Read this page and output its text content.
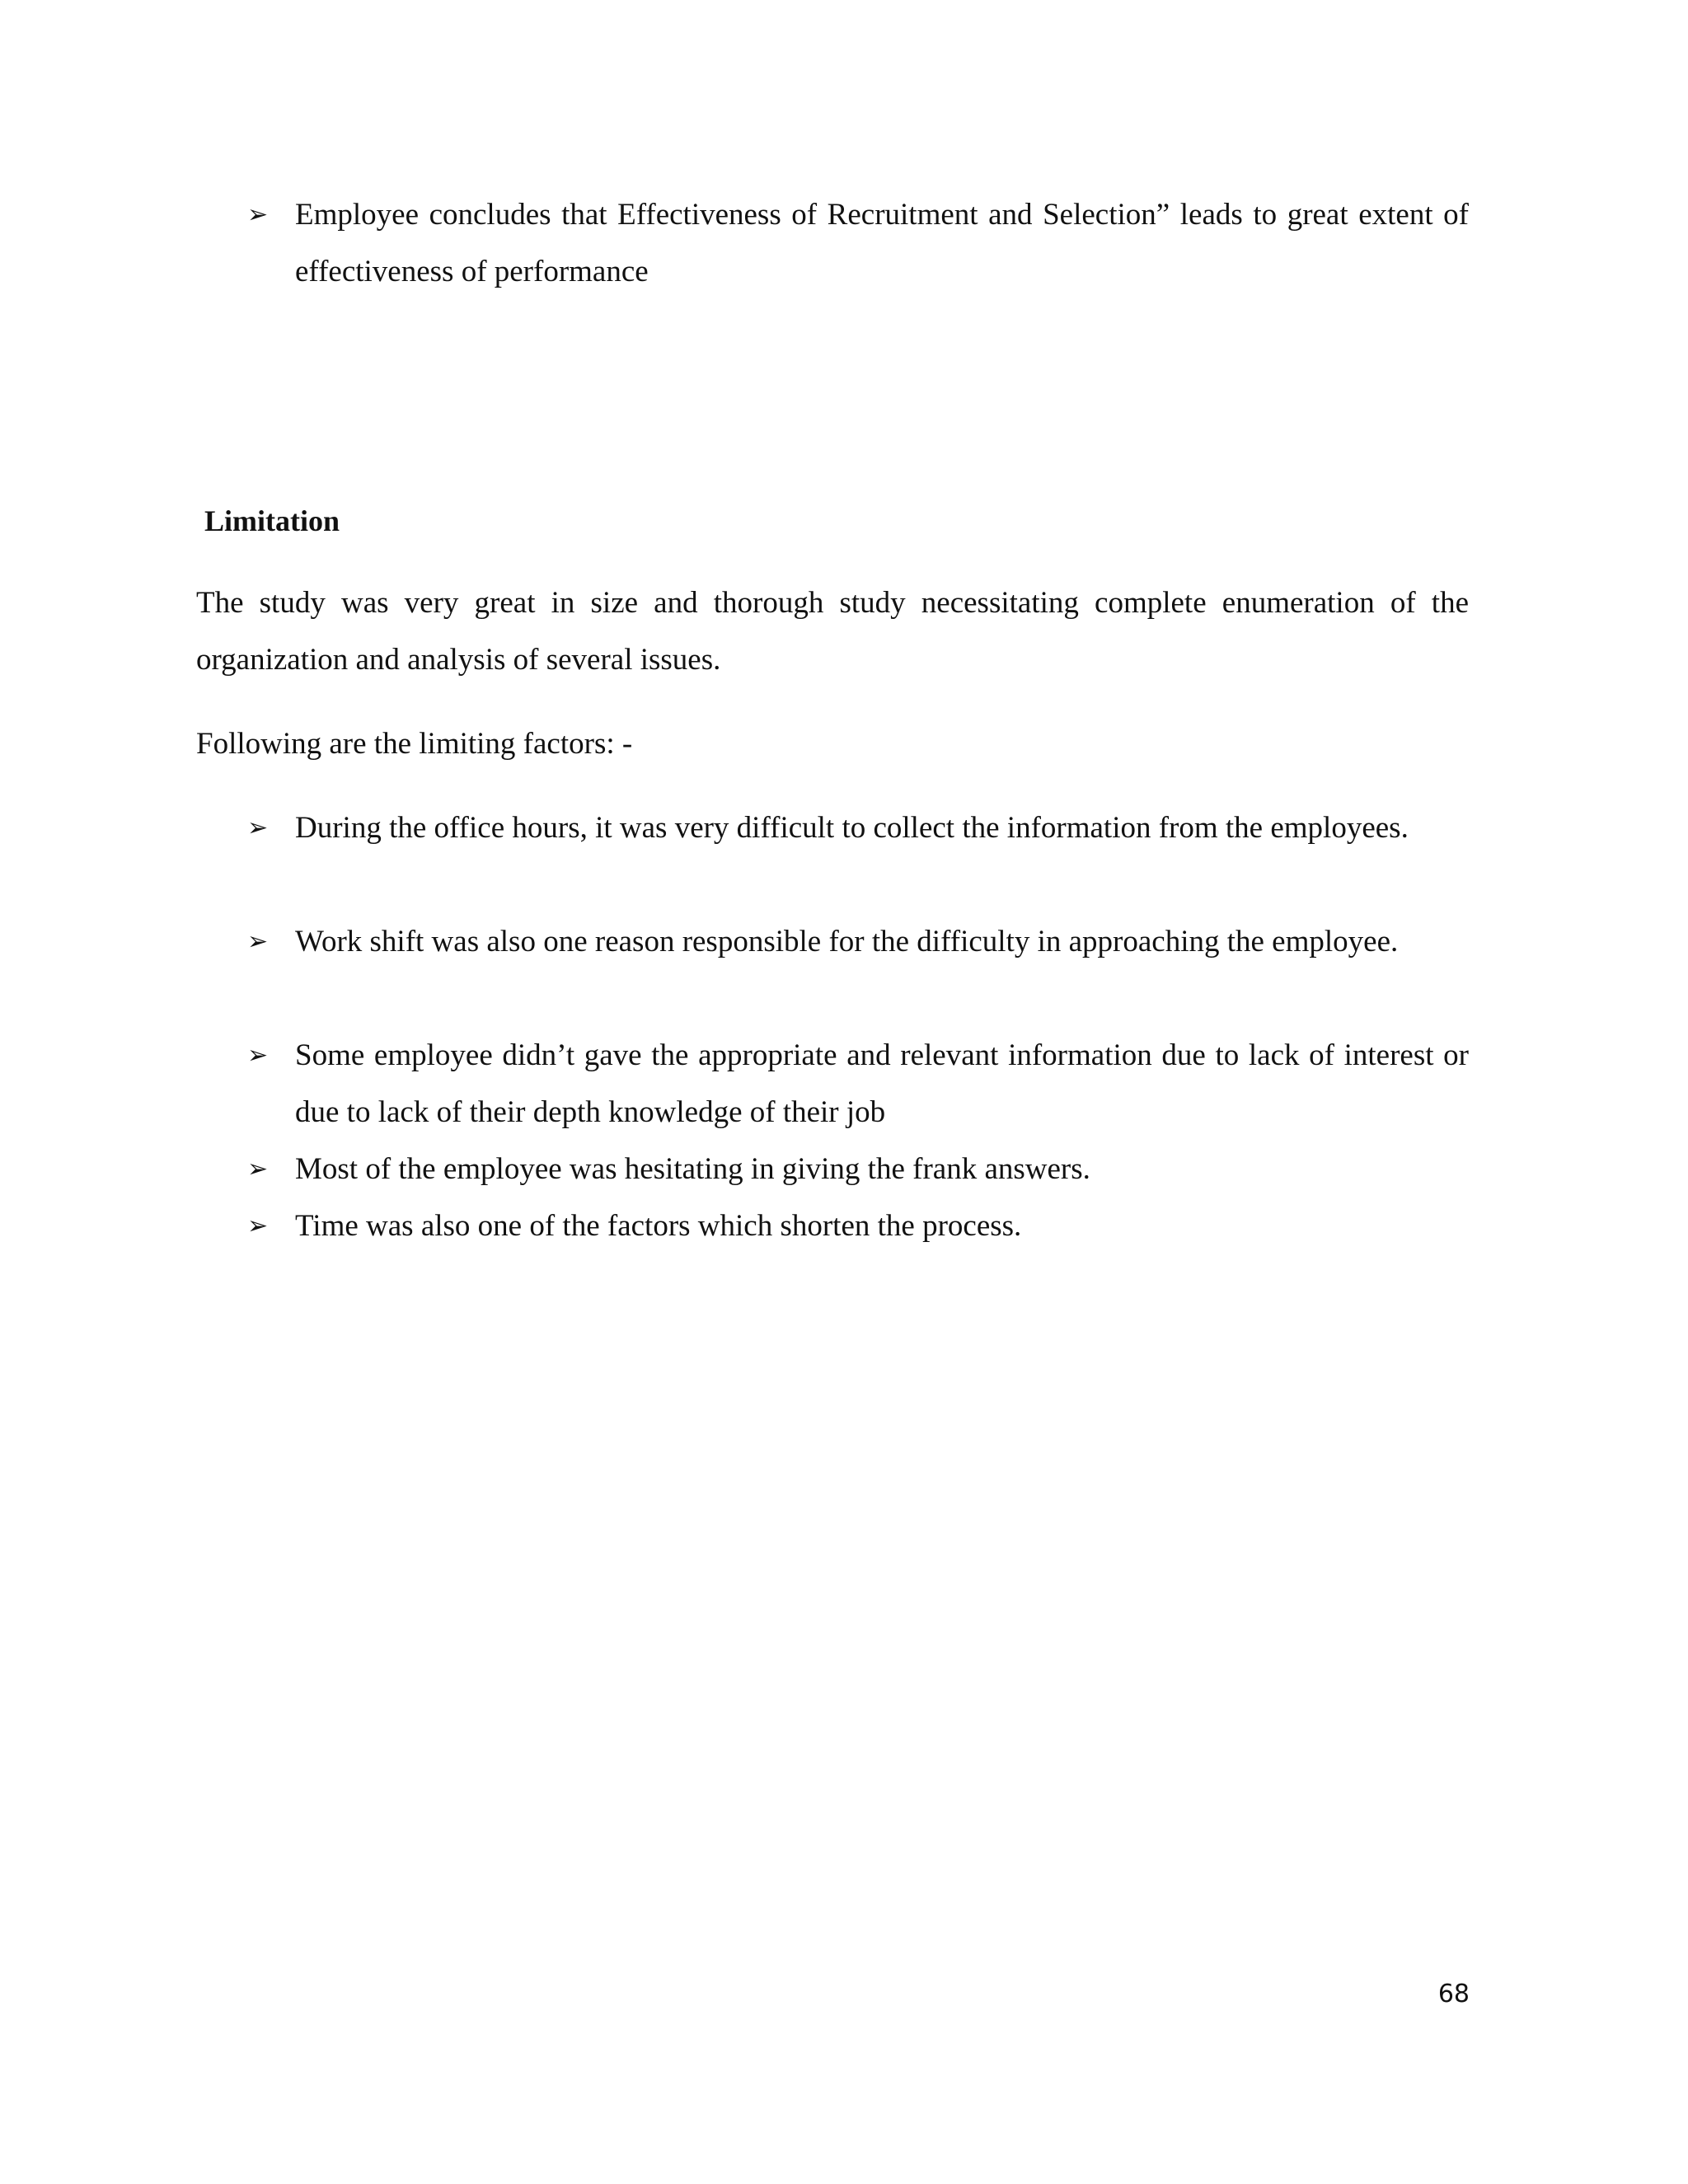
➢ Employee concludes that Effectiveness of Recruitment and Selection” leads to great extent of effectiveness of performance
Limitation
The study was very great in size and thorough study necessitating complete enumeration of the organization and analysis of several issues.
Following are the limiting factors: -
➢ During the office hours, it was very difficult to collect the information from the employees.
➢ Work shift was also one reason responsible for the difficulty in approaching the employee.
➢ Some employee didn’t gave the appropriate and relevant information due to lack of interest or due to lack of their depth knowledge of their job
➢ Most of the employee was hesitating in giving the frank answers.
➢ Time was also one of the factors which shorten the process.
68
